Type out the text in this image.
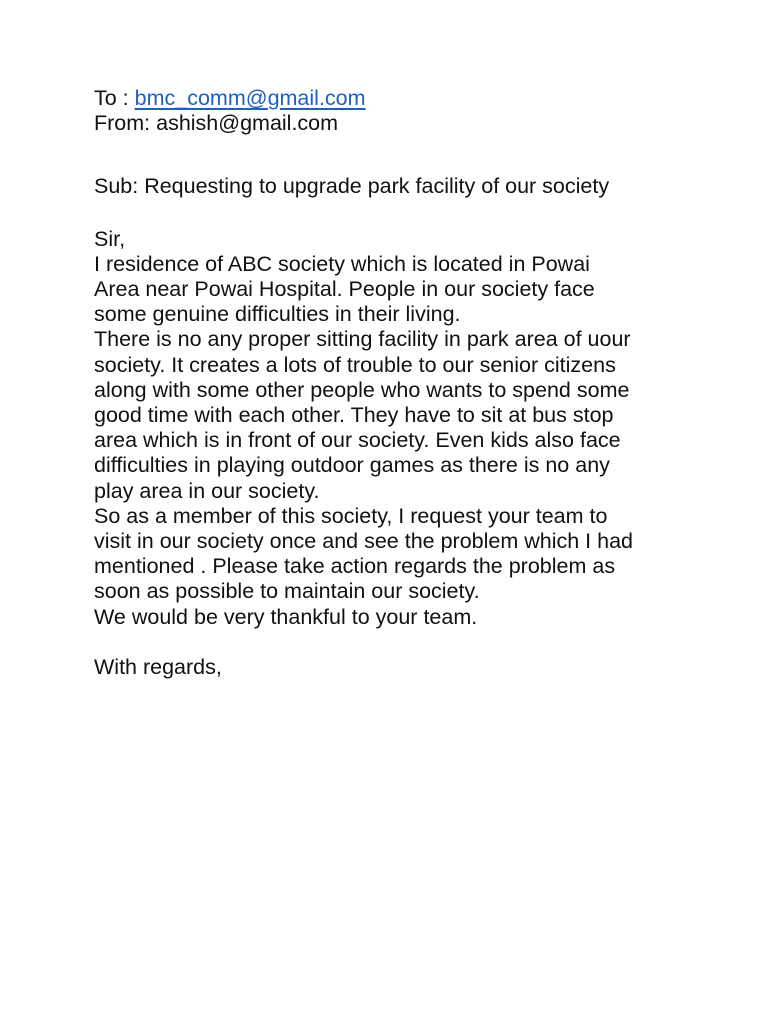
To : bmc_comm@gmail.com
From: ashish@gmail.com
Sub: Requesting to upgrade park facility of our society
Sir,
I residence of ABC society which is located in Powai
Area near Powai Hospital. People in our society face
some genuine difficulties in their living.
There is no any proper sitting facility in park area of uour
society. It creates a lots of trouble to our senior citizens
along with some other people who wants to spend some
good time with each other. They have to sit at bus stop
area which is in front of our society. Even kids also face
difficulties in playing outdoor games as there is no any
play area in our society.
So as a member of this society, I request your team to
visit in our society once and see the problem which I had
mentioned . Please take action regards the problem as
soon as possible to maintain our society.
We would be very thankful to your team.
With regards,
